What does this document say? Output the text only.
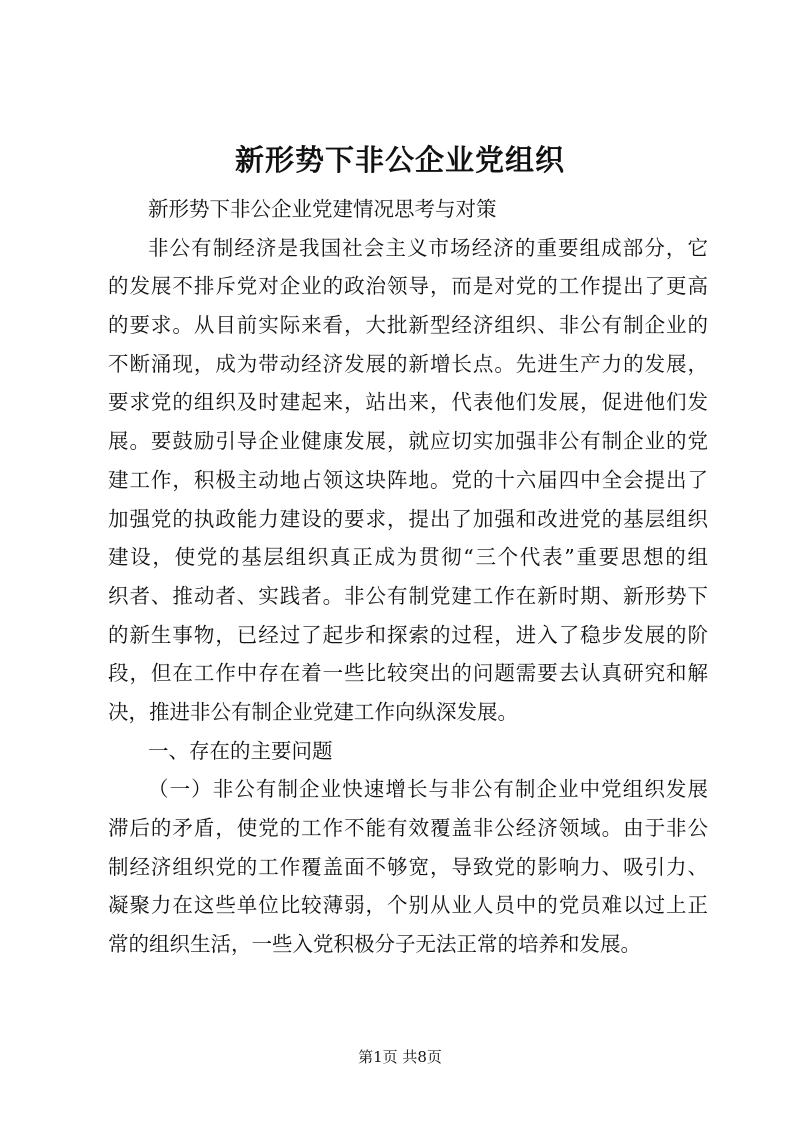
新形势下非公企业党组织
新形势下非公企业党建情况思考与对策
非公有制经济是我国社会主义市场经济的重要组成部分，它
的发展不排斥党对企业的政治领导，而是对党的工作提出了更高
的要求。从目前实际来看，大批新型经济组织、非公有制企业的
不断涌现，成为带动经济发展的新增长点。先进生产力的发展，
要求党的组织及时建起来，站出来，代表他们发展，促进他们发
展。要鼓励引导企业健康发展，就应切实加强非公有制企业的党
建工作，积极主动地占领这块阵地。党的十六届四中全会提出了
加强党的执政能力建设的要求，提出了加强和改进党的基层组织
建设，使党的基层组织真正成为贯彻“三个代表”重要思想的组
织者、推动者、实践者。非公有制党建工作在新时期、新形势下
的新生事物，已经过了起步和探索的过程，进入了稳步发展的阶
段，但在工作中存在着一些比较突出的问题需要去认真研究和解
决，推进非公有制企业党建工作向纵深发展。
一、存在的主要问题
（一）非公有制企业快速增长与非公有制企业中党组织发展
滞后的矛盾，使党的工作不能有效覆盖非公经济领域。由于非公
制经济组织党的工作覆盖面不够宽，导致党的影响力、吸引力、
凝聚力在这些单位比较薄弱，个别从业人员中的党员难以过上正
常的组织生活，一些入党积极分子无法正常的培养和发展。
第1页 共8页
